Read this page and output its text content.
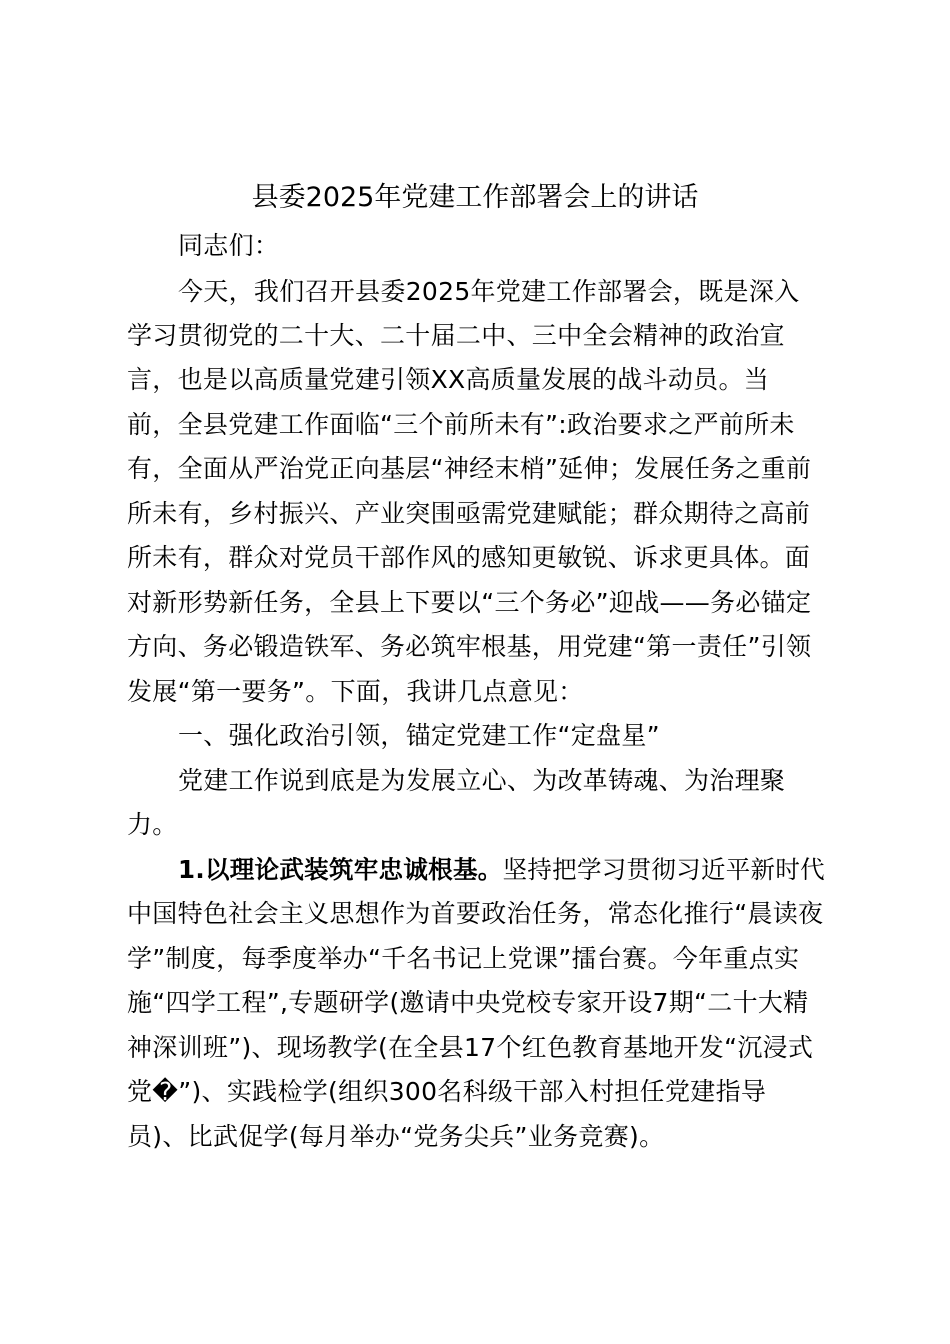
县委2025年党建工作部署会上的讲话
同志们：
今天，我们召开县委2025年党建工作部署会，既是深入
学习贯彻党的二十大、二十届二中、三中全会精神的政治宣
言，也是以高质量党建引领XX高质量发展的战斗动员。当
前，全县党建工作面临“三个前所未有”:政治要求之严前所未
有，全面从严治党正向基层“神经末梢”延伸；发展任务之重前
所未有，乡村振兴、产业突围亟需党建赋能；群众期待之高前
所未有，群众对党员干部作风的感知更敏锐、诉求更具体。面
对新形势新任务，全县上下要以“三个务必”迎战——务必锚定
方向、务必锻造铁军、务必筑牢根基，用党建“第一责任”引领
发展“第一要务”。下面，我讲几点意见：
一、强化政治引领，锚定党建工作“定盘星”
党建工作说到底是为发展立心、为改革铸魂、为治理聚
力。
1.以理论武装筑牢忠诚根基。坚持把学习贯彻习近平新时代
中国特色社会主义思想作为首要政治任务，常态化推行“晨读夜
学”制度，每季度举办“千名书记上党课”擂台赛。今年重点实
施“四学工程”,专题研学(邀请中央党校专家开设7期“二十大精
神深训班”)、现场教学(在全县17个红色教育基地开发“沉浸式
党�”)、实践检学(组织300名科级干部入村担任党建指导
员)、比武促学(每月举办“党务尖兵”业务竞赛)。
